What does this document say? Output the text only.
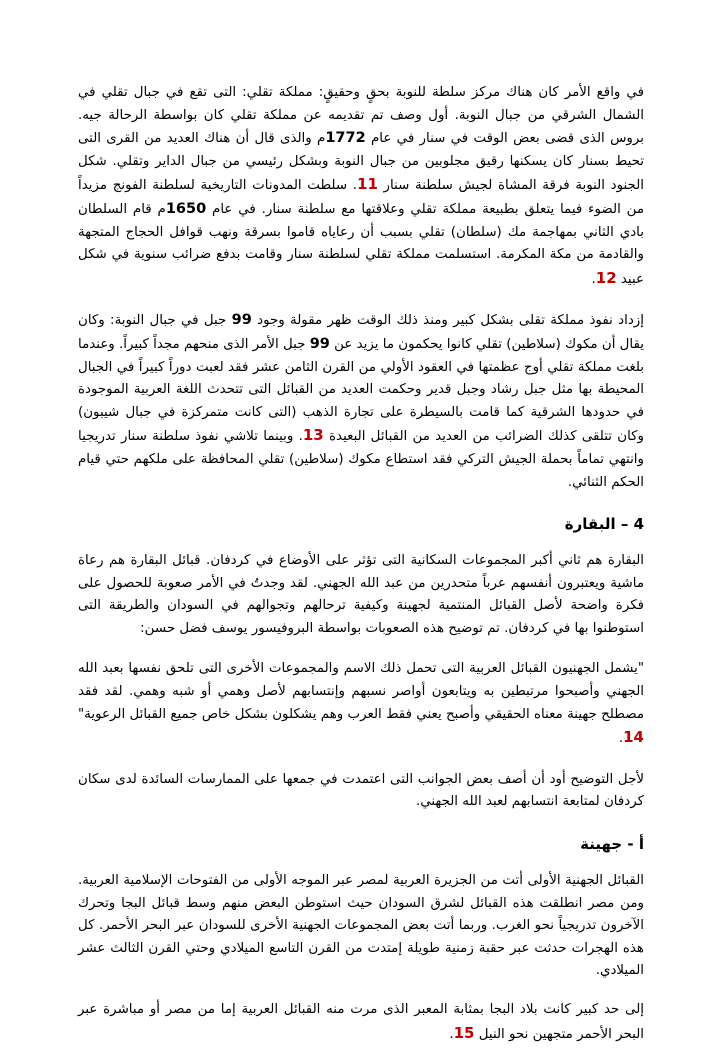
في واقع الأمر كان هناك مركز سلطة للنوبة بحقٍ وحقيقٍ: مملكة تقلي: التى تقع في جبال تقلي في الشمال الشرقي من جبال النوبة. أول وصف تم تقديمه عن مملكة تقلي كان بواسطة الرحالة جيه. بروس الذى قضى بعض الوقت في سنار في عام 1772م والذى قال أن هناك العديد من القرى التى تحيط بسنار كان يسكنها رقيق مجلوبين من جبال النوبة وبشكل رئيسي من جبال الداير وتقلي. شكل الجنود النوبة فرقة المشاة لجيش سلطنة سنار 11. سلطت المدونات التاريخية لسلطنة الفونج مزيداً من الضوء فيما يتعلق بطبيعة مملكة تقلي وعلاقتها مع سلطنة سنار. في عام 1650م قام السلطان بادي الثاني بمهاجمة مك (سلطان) تقلي بسبب أن رعاياه قاموا بسرقة ونهب قوافل الحجاج المتجهة والقادمة من مكة المكرمة. استسلمت مملكة تقلي لسلطنة سنار وقامت بدفع ضرائب سنوية في شكل عبيد 12.

إزداد نفوذ مملكة تقلى بشكل كبير ومنذ ذلك الوقت ظهر مقولة وجود 99 جبل في جبال النوبة: وكان يقال أن مكوك (سلاطين) تقلي كانوا يحكمون ما يزيد عن 99 جبل الأمر الذى منحهم مجداً كبيراً. وعندما بلغت مملكة تقلي أوج عظمتها في العقود الأولي من القرن الثامن عشر فقد لعبت دوراً كبيراً في الجبال المحيطة بها مثل جبل رشاد وجبل قدير وحكمت العديد من القبائل التى تتحدث اللغة العربية الموجودة في حدودها الشرقية كما قامت بالسيطرة على تجارة الذهب (التى كانت متمركزة في جبال شيبون) وكان تتلقى كذلك الضرائب من العديد من القبائل البعيدة 13. وبينما تلاشي نفوذ سلطنة سنار تدريجيا وانتهي تماماً بحملة الجيش التركي فقد استطاع مكوك (سلاطين) تقلي المحافظة على ملكهم حتي قيام الحكم الثنائي.

4 – البقارة

البقارة هم ثاني أكبر المجموعات السكانية التى تؤثر على الأوضاع في كردفان. قبائل البقارة هم رعاة ماشية ويعتبرون أنفسهم عرباً متحدرين من عبد الله الجهني. لقد وجدتُ في الأمر صعوبة للحصول على فكرة واضحة لأصل القبائل المنتمية لجهينة وكيفية ترحالهم وتجوالهم في السودان والطريقة التى استوطنوا بها في كردفان. تم توضيح هذه الصعوبات بواسطة البروفيسور يوسف فضل حسن:

"يشمل الجهنيون القبائل العربية التى تحمل ذلك الاسم والمجموعات الأخرى التى تلحق نفسها بعبد الله الجهني وأصبحوا مرتبطين به ويتابعون أواصر نسبهم وإنتسابهم لأصل وهمي أو شبه وهمي. لقد فقد مصطلح جهينة معناه الحقيقي وأصبح يعني فقط العرب وهم يشكلون بشكل خاص جميع القبائل الرعوية" 14.

لأجل التوضيح أود أن أصف بعض الجوانب التى اعتمدت في جمعها على الممارسات السائدة لدى سكان كردفان لمتابعة انتسابهم لعبد الله الجهني.

أ - جهينة

القبائل الجهنية الأولى أتت من الجزيرة العربية لمصر عبر الموجه الأولى من الفتوحات الإسلامية العربية. ومن مصر انطلقت هذه القبائل لشرق السودان حيث استوطن البعض منهم وسط قبائل البجا وتحرك الآخرون تدريجياً نحو الغرب. وربما أتت بعض المجموعات الجهنية الأخرى للسودان عبر البحر الأحمر. كل هذه الهجرات حدثت عبر حقبة زمنية طويلة إمتدت من القرن التاسع الميلادي وحتي القرن الثالث عشر الميلادي.

إلى حد كبير كانت بلاد البجا بمثابة المعبر الذى مرت منه القبائل العربية إما من مصر أو مباشرة عبر البحر الأحمر متجهين نحو النيل 15.
